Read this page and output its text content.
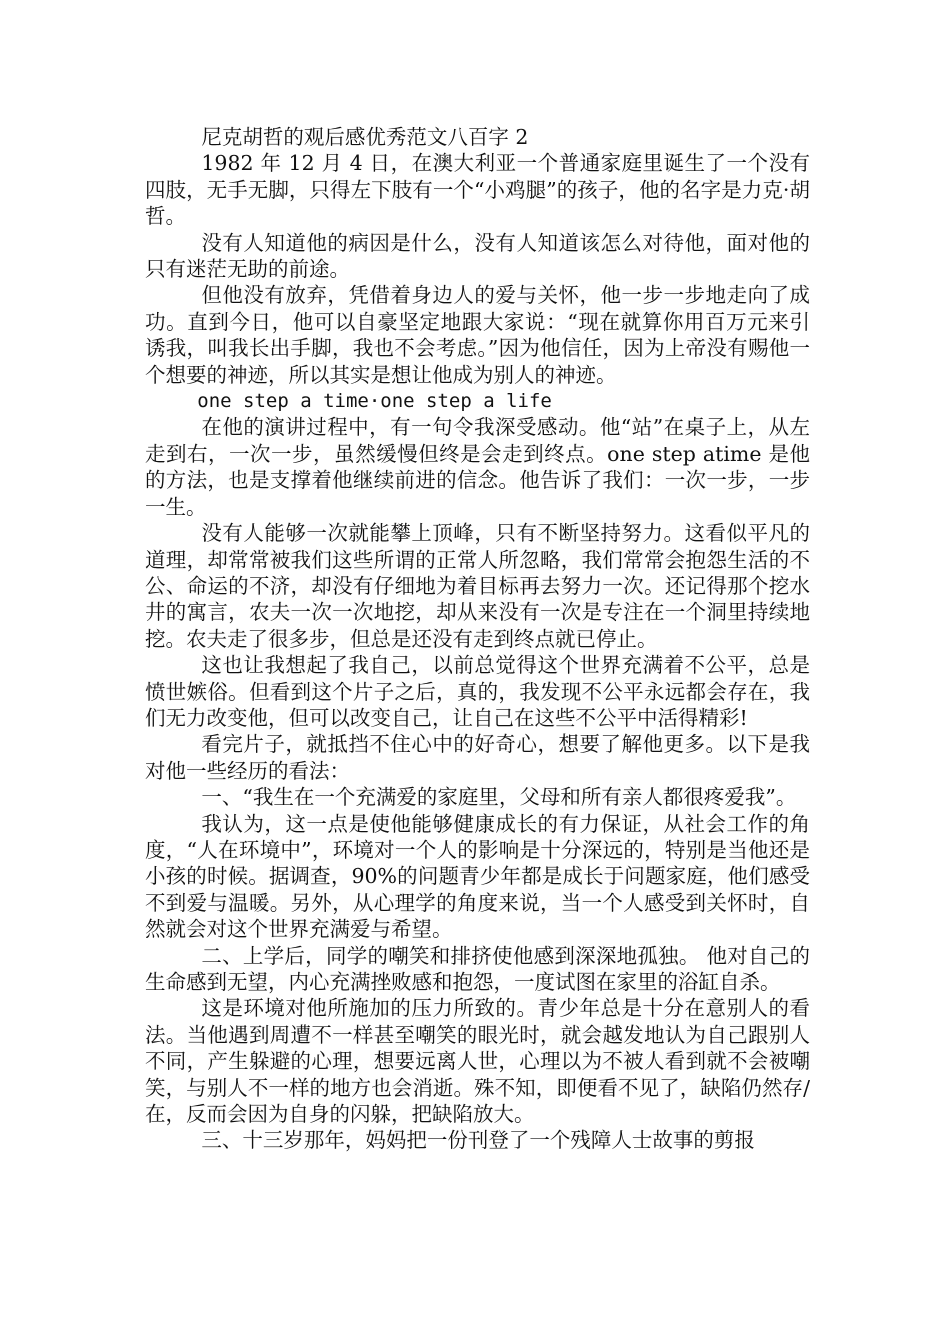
尼克胡哲的观后感优秀范文八百字 2

1982 年 12 月 4 日，在澳大利亚一个普通家庭里诞生了一个没有四肢，无手无脚，只得左下肢有一个“小鸡腿”的孩子，他的名字是力克·胡哲。

没有人知道他的病因是什么，没有人知道该怎么对待他，面对他的只有迷茫无助的前途。

但他没有放弃，凭借着身边人的爱与关怀，他一步一步地走向了成功。直到今日，他可以自豪坚定地跟大家说：“现在就算你用百万元来引诱我，叫我长出手脚，我也不会考虑。”因为他信任，因为上帝没有赐他一个想要的神迹，所以其实是想让他成为别人的神迹。

one step a time·one step a life

在他的演讲过程中，有一句令我深受感动。他“站”在桌子上，从左走到右，一次一步，虽然缓慢但终是会走到终点。one step atime 是他的方法，也是支撑着他继续前进的信念。他告诉了我们：一次一步，一步一生。

没有人能够一次就能攀上顶峰，只有不断坚持努力。这看似平凡的道理，却常常被我们这些所谓的正常人所忽略，我们常常会抱怨生活的不公、命运的不济，却没有仔细地为着目标再去努力一次。还记得那个挖水井的寓言，农夫一次一次地挖，却从来没有一次是专注在一个洞里持续地挖。农夫走了很多步，但总是还没有走到终点就已停止。

这也让我想起了我自己，以前总觉得这个世界充满着不公平，总是愤世嫉俗。但看到这个片子之后，真的，我发现不公平永远都会存在，我们无力改变他，但可以改变自己，让自己在这些不公平中活得精彩!

看完片子，就抵挡不住心中的好奇心，想要了解他更多。以下是我对他一些经历的看法：

一、“我生在一个充满爱的家庭里，父母和所有亲人都很疼爱我”。

我认为，这一点是使他能够健康成长的有力保证，从社会工作的角度，“人在环境中”，环境对一个人的影响是十分深远的，特别是当他还是小孩的时候。据调查，90%的问题青少年都是成长于问题家庭，他们感受不到爱与温暖。另外，从心理学的角度来说，当一个人感受到关怀时，自然就会对这个世界充满爱与希望。

二、上学后，同学的嘲笑和排挤使他感到深深地孤独。 他对自己的生命感到无望，内心充满挫败感和抱怨，一度试图在家里的浴缸自杀。

这是环境对他所施加的压力所致的。青少年总是十分在意别人的看法。当他遇到周遭不一样甚至嘲笑的眼光时，就会越发地认为自己跟别人不同，产生躲避的心理，想要远离人世，心理以为不被人看到就不会被嘲笑，与别人不一样的地方也会消逝。殊不知，即便看不见了，缺陷仍然存/在，反而会因为自身的闪躲，把缺陷放大。

三、十三岁那年，妈妈把一份刊登了一个残障人士故事的剪报
